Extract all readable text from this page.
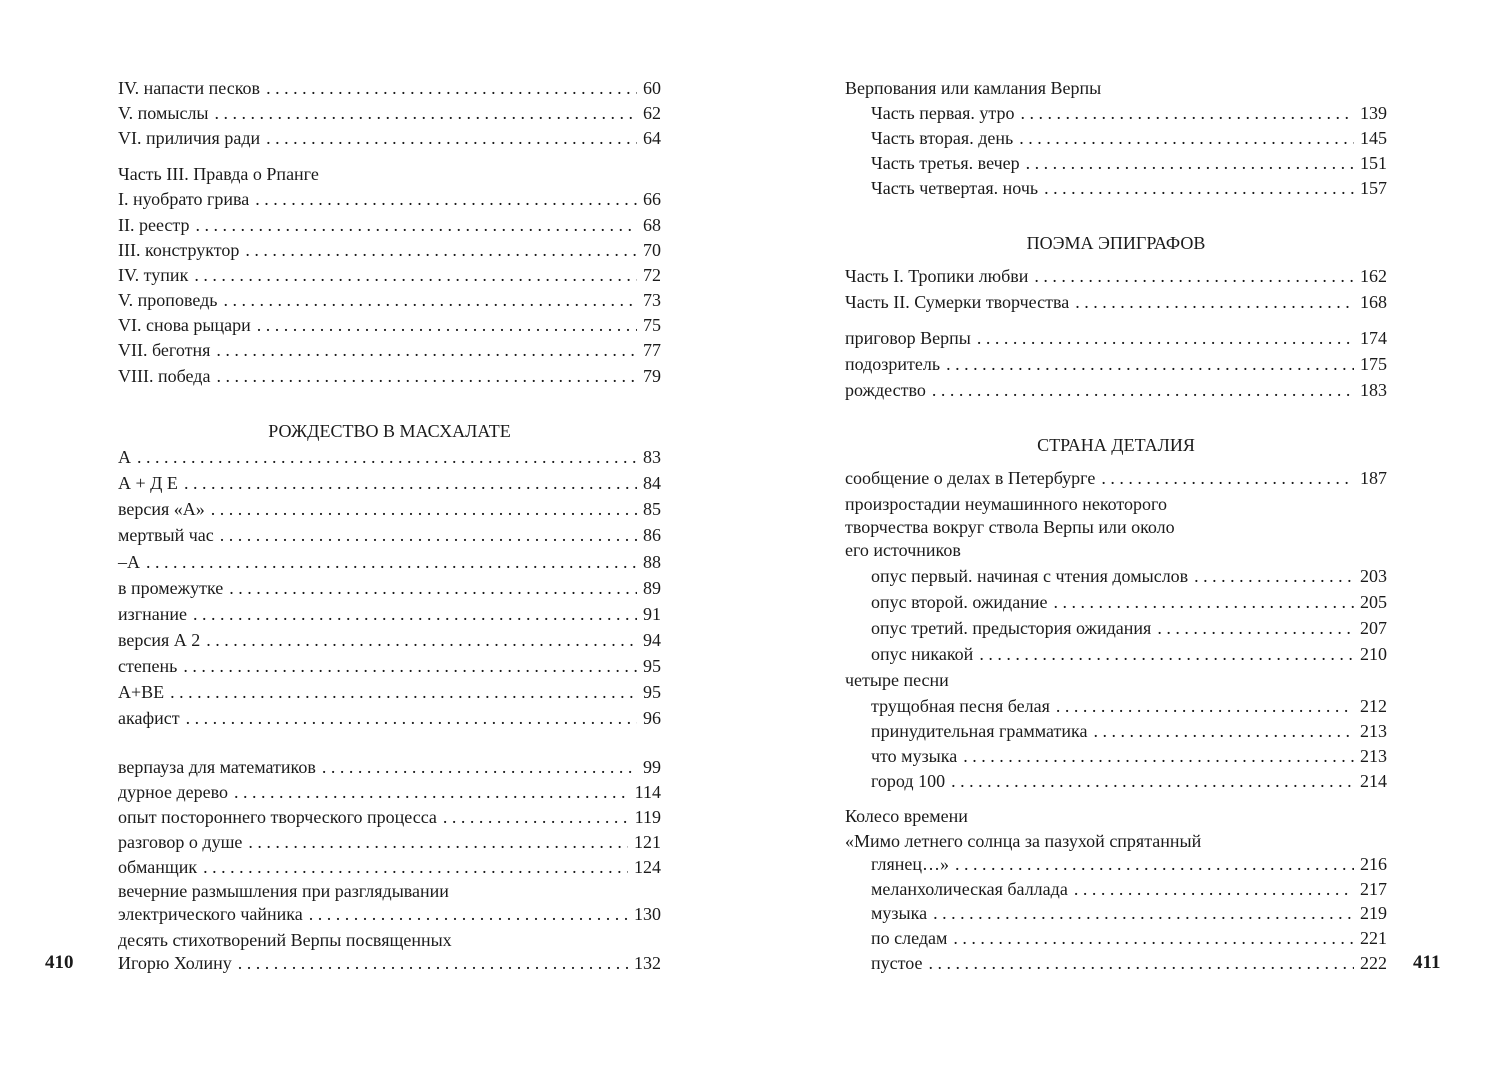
IV. напасти песков . . .	60
V. помыслы . . .	62
VI. приличия ради . . .	64
Часть III. Правда о Рпанге
I. нуобрато грива . . .	66
II. реестр . . .	68
III. конструктор . . .	70
IV. тупик . . .	72
V. проповедь . . .	73
VI. снова рыцари . . .	75
VII. беготня . . .	77
VIII. победа . . .	79
РОЖДЕСТВО В МАСХАЛАТЕ
А . . .	83
А + Д Е . . .	84
версия «А» . . .	85
мертвый час . . .	86
–А . . .	88
в промежутке . . .	89
изгнание . . .	91
версия А 2 . . .	94
степень . . .	95
А+ВЕ . . .	95
акафист . . .	96
верпауза для математиков . . .	99
дурное дерево . . .	114
опыт постороннего творческого процесса . . .	119
разговор о душе . . .	121
обманщик . . .	124
вечерние размышления при разглядывании
электрического чайника . . .	130
десять стихотворений Верпы посвященных
Игорю Холину . . .	132
410
Верпования или камлания Верпы
Часть первая. утро . . .	139
Часть вторая. день . . .	145
Часть третья. вечер . . .	151
Часть четвертая. ночь . . .	157
ПОЭМА ЭПИГРАФОВ
Часть I. Тропики любви . . .	162
Часть II. Сумерки творчества . . .	168
приговор Верпы . . .	174
подозритель . . .	175
рождество . . .	183
СТРАНА ДЕТАЛИЯ
сообщение о делах в Петербурге . . .	187
произростадии неумашинного некоторого
творчества вокруг ствола Верпы или около
его источников
опус первый. начиная с чтения домыслов . . .	203
опус второй. ожидание . . .	205
опус третий. предыстория ожидания . . .	207
опус никакой . . .	210
четыре песни
трущобная песня белая . . .	212
принудительная грамматика . . .	213
что музыка . . .	213
город 100 . . .	214
Колесо времени
«Мимо летнего солнца за пазухой спрятанный
глянец…» . . .	216
меланхолическая баллада . . .	217
музыка . . .	219
по следам . . .	221
пустое . . .	222 411
